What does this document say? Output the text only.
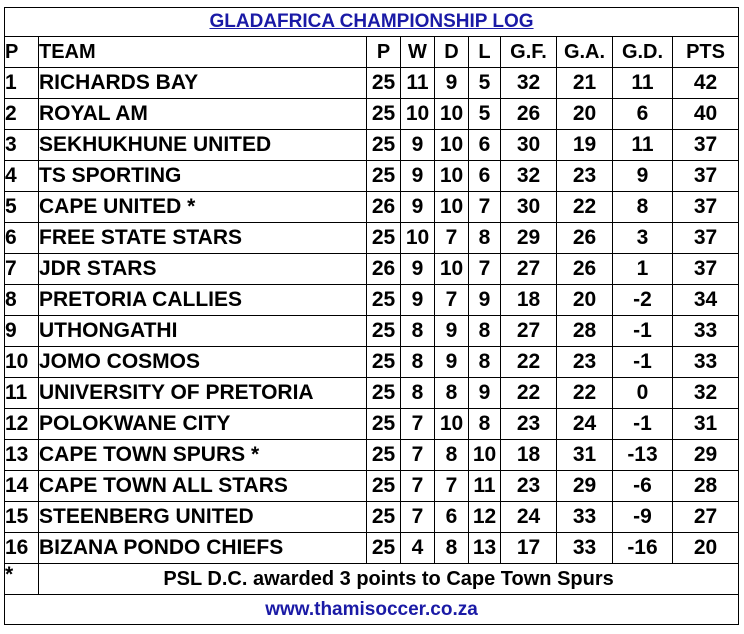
GLADAFRICA CHAMPIONSHIP LOG									
P	TEAM	P	W	D	L	G.F.	G.A.	G.D.	PTS
1	RICHARDS BAY	25	11	9	5	32	21	11	42
2	ROYAL AM	25	10	10	5	26	20	6	40
3	SEKHUKHUNE UNITED	25	9	10	6	30	19	11	37
4	TS SPORTING	25	9	10	6	32	23	9	37
5	CAPE UNITED *	26	9	10	7	30	22	8	37
6	FREE STATE STARS	25	10	7	8	29	26	3	37
7	JDR STARS	26	9	10	7	27	26	1	37
8	PRETORIA CALLIES	25	9	7	9	18	20	-2	34
9	UTHONGATHI	25	8	9	8	27	28	-1	33
10	JOMO COSMOS	25	8	9	8	22	23	-1	33
11	UNIVERSITY OF PRETORIA	25	8	8	9	22	22	0	32
12	POLOKWANE CITY	25	7	10	8	23	24	-1	31
13	CAPE TOWN SPURS *	25	7	8	10	18	31	-13	29
14	CAPE TOWN ALL STARS	25	7	7	11	23	29	-6	28
15	STEENBERG UNITED	25	7	6	12	24	33	-9	27
16	BIZANA PONDO CHIEFS	25	4	8	13	17	33	-16	20
*	PSL D.C. awarded 3 points to Cape Town Spurs								
www.thamisoccer.co.za									
